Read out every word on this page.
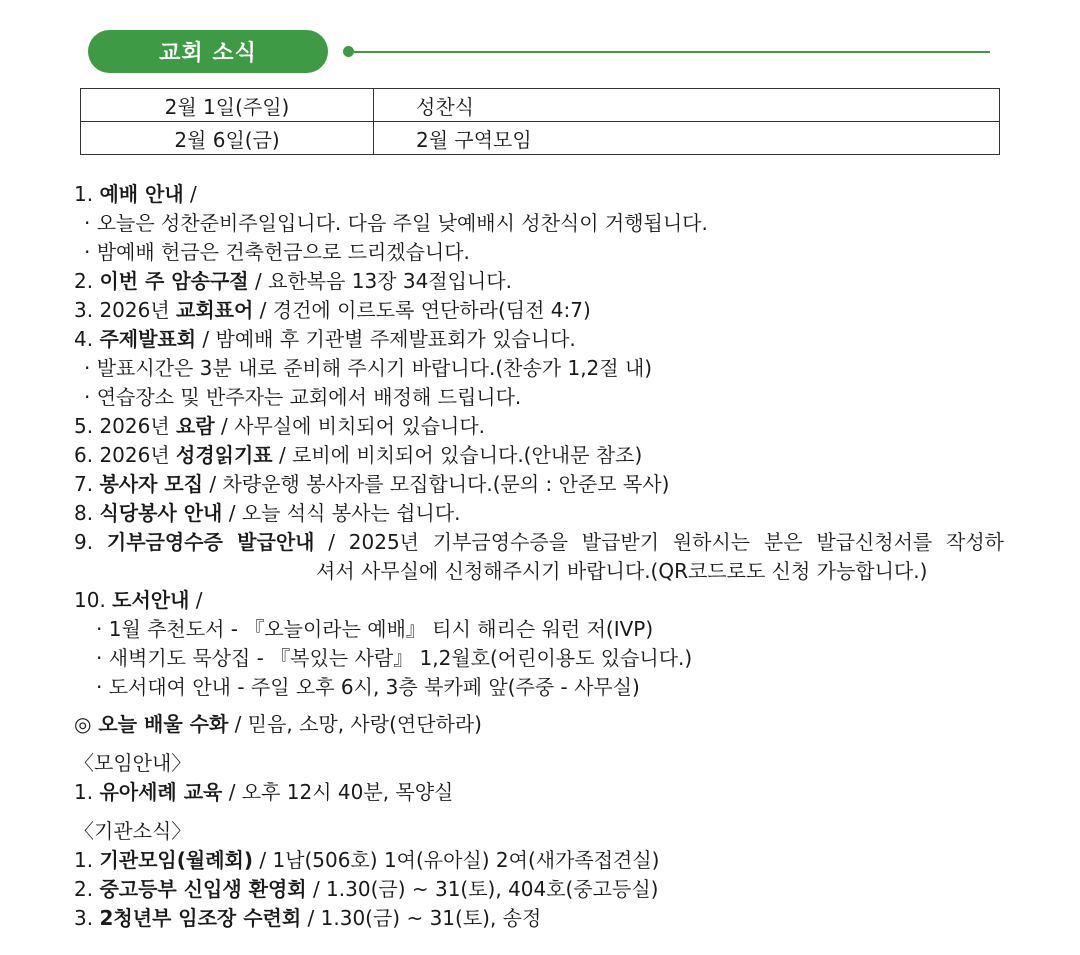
교회 소식
2월 1일(주일)	성찬식
2월 6일(금)	2월 구역모임
1. 예배 안내 /
· 오늘은 성찬준비주일입니다. 다음 주일 낮예배시 성찬식이 거행됩니다.
· 밤예배 헌금은 건축헌금으로 드리겠습니다.
2. 이번 주 암송구절 / 요한복음 13장 34절입니다.
3. 2026년 교회표어 / 경건에 이르도록 연단하라(딤전 4:7)
4. 주제발표회 / 밤예배 후 기관별 주제발표회가 있습니다.
· 발표시간은 3분 내로 준비해 주시기 바랍니다.(찬송가 1,2절 내)
· 연습장소 및 반주자는 교회에서 배정해 드립니다.
5. 2026년 요람 / 사무실에 비치되어 있습니다.
6. 2026년 성경읽기표 / 로비에 비치되어 있습니다.(안내문 참조)
7. 봉사자 모집 / 차량운행 봉사자를 모집합니다.(문의 : 안준모 목사)
8. 식당봉사 안내 / 오늘 석식 봉사는 쉽니다.
9. 기부금영수증 발급안내 / 2025년 기부금영수증을 발급받기 원하시는 분은 발급신청서를 작성하
셔서 사무실에 신청해주시기 바랍니다.(QR코드로도 신청 가능합니다.)
10. 도서안내 /
· 1월 추천도서 - 『오늘이라는 예배』 티시 해리슨 워런 저(IVP)
· 새벽기도 묵상집 - 『복있는 사람』 1,2월호(어린이용도 있습니다.)
· 도서대여 안내 - 주일 오후 6시, 3층 북카페 앞(주중 - 사무실)
◎ 오늘 배울 수화 / 믿음, 소망, 사랑(연단하라)
〈모임안내〉
1. 유아세례 교육 / 오후 12시 40분, 목양실
〈기관소식〉
1. 기관모임(월례회) / 1남(506호) 1여(유아실) 2여(새가족접견실)
2. 중고등부 신입생 환영회 / 1.30(금) ~ 31(토), 404호(중고등실)
3. 2청년부 임조장 수련회 / 1.30(금) ~ 31(토), 송정
